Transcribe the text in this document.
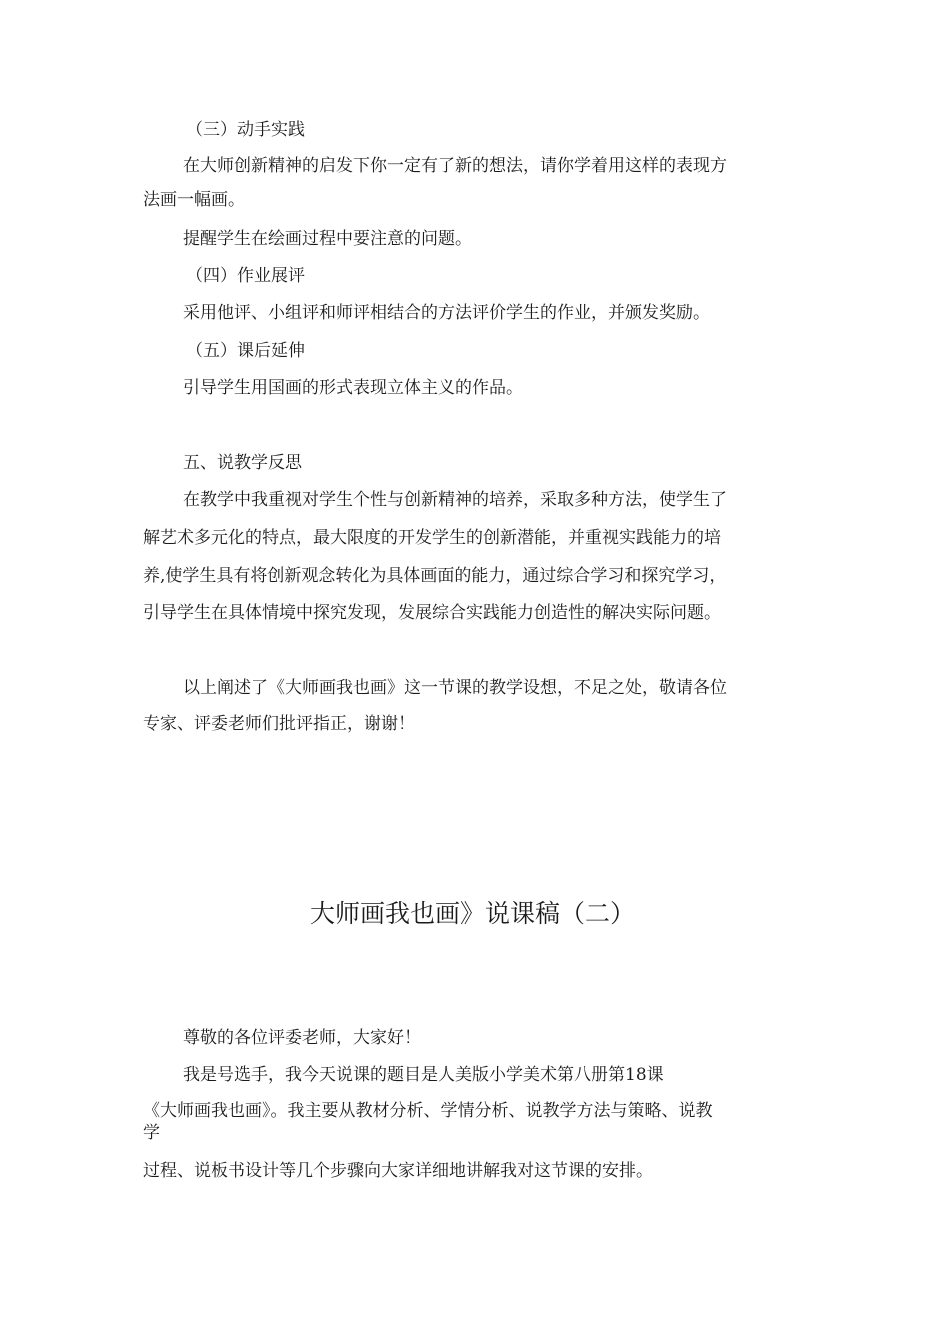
（三）动手实践
在大师创新精神的启发下你一定有了新的想法，请你学着用这样的表现方
法画一幅画。
提醒学生在绘画过程中要注意的问题。
（四）作业展评
采用他评、小组评和师评相结合的方法评价学生的作业，并颁发奖励。
（五）课后延伸
引导学生用国画的形式表现立体主义的作品。
五、说教学反思
在教学中我重视对学生个性与创新精神的培养，采取多种方法，使学生了
解艺术多元化的特点，最大限度的开发学生的创新潜能，并重视实践能力的培
养,使学生具有将创新观念转化为具体画面的能力，通过综合学习和探究学习，
引导学生在具体情境中探究发现，发展综合实践能力创造性的解决实际问题。
以上阐述了《大师画我也画》这一节课的教学设想，不足之处，敬请各位
专家、评委老师们批评指正，谢谢！
大师画我也画》说课稿（二）
尊敬的各位评委老师，大家好！
我是号选手，我今天说课的题目是人美版小学美术第八册第18课
《大师画我也画》。我主要从教材分析、学情分析、说教学方法与策略、说教
学
过程、说板书设计等几个步骤向大家详细地讲解我对这节课的安排。
